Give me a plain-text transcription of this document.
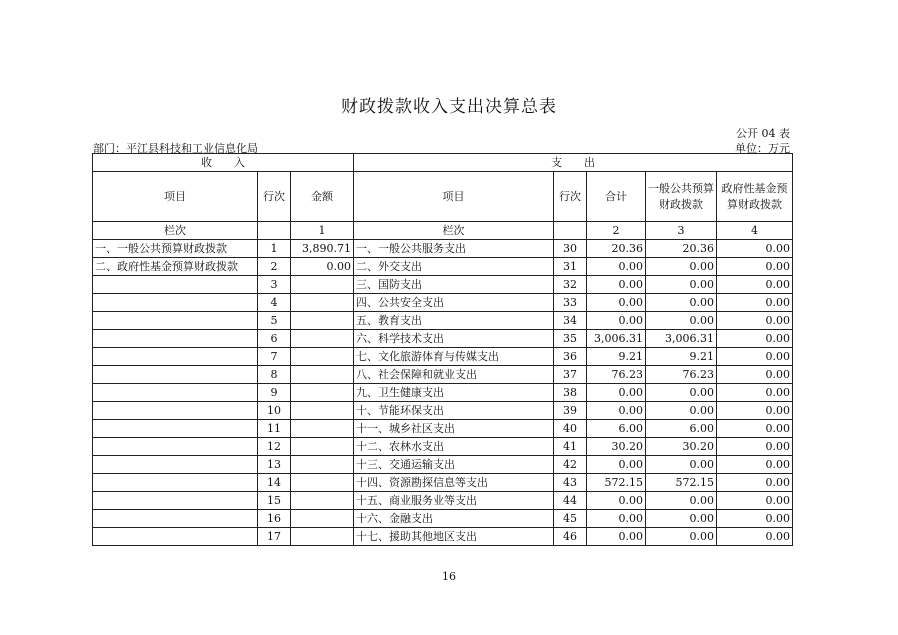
财政拨款收入支出决算总表
公开 04 表
部门：平江县科技和工业信息化局	单位：万元
收　　入			支　　出				
项目	行次	金额	项目	行次	合计	一般公共预算财政拨款	政府性基金预算财政拨款
栏次		1	栏次		2	3	4
一、一般公共预算财政拨款	1	3,890.71	一、一般公共服务支出	30	20.36	20.36	0.00
二、政府性基金预算财政拨款	2	0.00	二、外交支出	31	0.00	0.00	0.00
	3		三、国防支出	32	0.00	0.00	0.00
	4		四、公共安全支出	33	0.00	0.00	0.00
	5		五、教育支出	34	0.00	0.00	0.00
	6		六、科学技术支出	35	3,006.31	3,006.31	0.00
	7		七、文化旅游体育与传媒支出	36	9.21	9.21	0.00
	8		八、社会保障和就业支出	37	76.23	76.23	0.00
	9		九、卫生健康支出	38	0.00	0.00	0.00
	10		十、节能环保支出	39	0.00	0.00	0.00
	11		十一、城乡社区支出	40	6.00	6.00	0.00
	12		十二、农林水支出	41	30.20	30.20	0.00
	13		十三、交通运输支出	42	0.00	0.00	0.00
	14		十四、资源勘探信息等支出	43	572.15	572.15	0.00
	15		十五、商业服务业等支出	44	0.00	0.00	0.00
	16		十六、金融支出	45	0.00	0.00	0.00
	17		十七、援助其他地区支出	46	0.00	0.00	0.00
16
